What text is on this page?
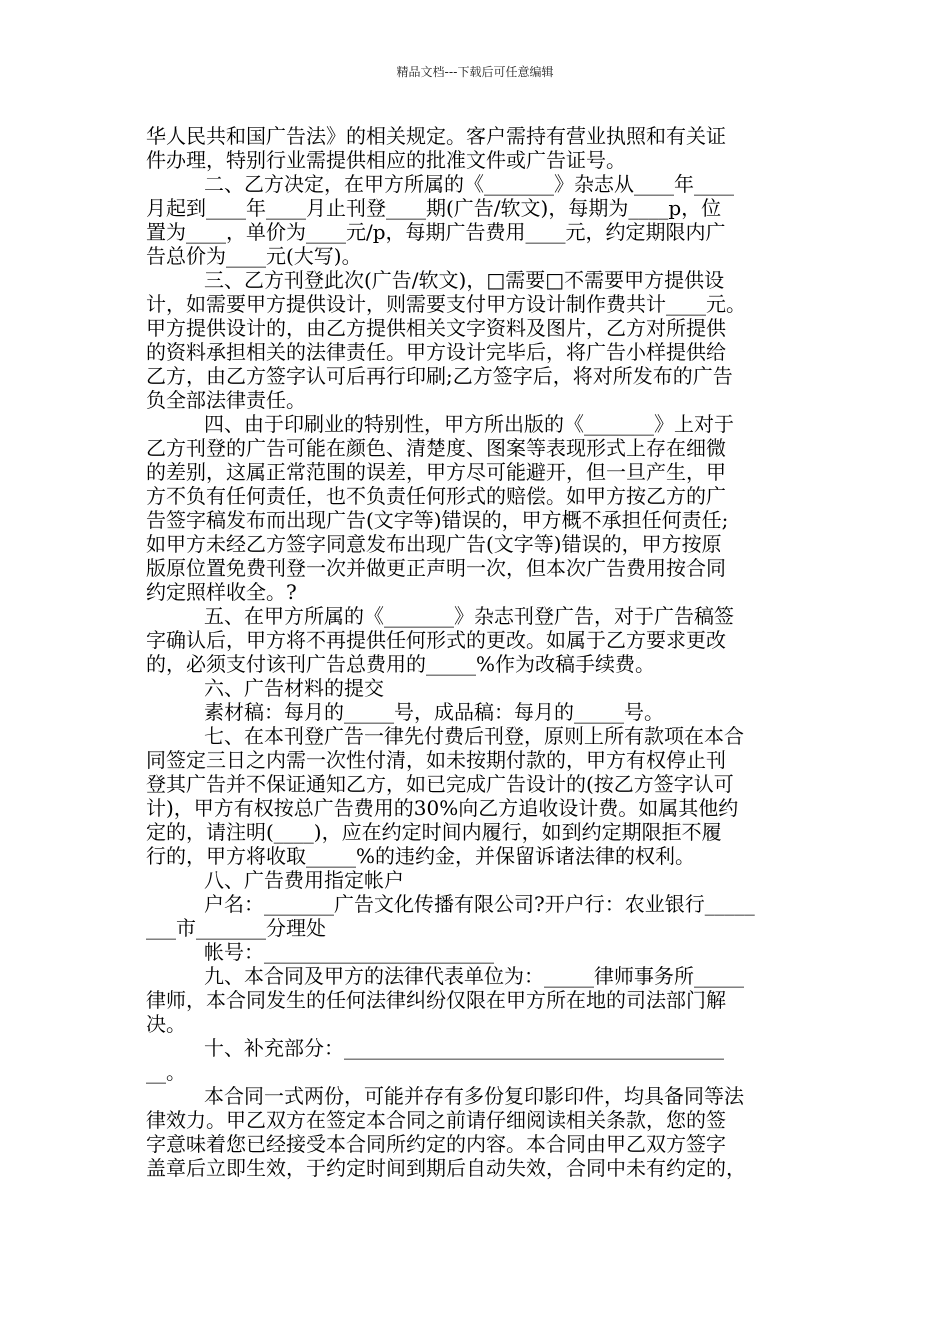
精品文档---下载后可任意编辑
华人民共和国广告法》的相关规定。客户需持有营业执照和有关证
件办理，特别行业需提供相应的批准文件或广告证号。
二、乙方决定，在甲方所属的《_______》杂志从____年____
月起到____年____月止刊登____期(广告/软文)，每期为____p，位
置为____，单价为____元/p，每期广告费用____元，约定期限内广
告总价为____元(大写)。
三、乙方刊登此次(广告/软文)，□需要□不需要甲方提供设
计，如需要甲方提供设计，则需要支付甲方设计制作费共计____元。
甲方提供设计的，由乙方提供相关文字资料及图片，乙方对所提供
的资料承担相关的法律责任。甲方设计完毕后，将广告小样提供给
乙方，由乙方签字认可后再行印刷;乙方签字后，将对所发布的广告
负全部法律责任。
四、由于印刷业的特别性，甲方所出版的《_______》上对于
乙方刊登的广告可能在颜色、清楚度、图案等表现形式上存在细微
的差别，这属正常范围的误差，甲方尽可能避开，但一旦产生，甲
方不负有任何责任，也不负责任何形式的赔偿。如甲方按乙方的广
告签字稿发布而出现广告(文字等)错误的，甲方概不承担任何责任;
如甲方未经乙方签字同意发布出现广告(文字等)错误的，甲方按原
版原位置免费刊登一次并做更正声明一次，但本次广告费用按合同
约定照样收全。?
五、在甲方所属的《_______》杂志刊登广告，对于广告稿签
字确认后，甲方将不再提供任何形式的更改。如属于乙方要求更改
的，必须支付该刊广告总费用的_____%作为改稿手续费。
六、广告材料的提交
素材稿：每月的_____号，成品稿：每月的_____号。
七、在本刊登广告一律先付费后刊登，原则上所有款项在本合
同签定三日之内需一次性付清，如未按期付款的，甲方有权停止刊
登其广告并不保证通知乙方，如已完成广告设计的(按乙方签字认可
计)，甲方有权按总广告费用的30%向乙方追收设计费。如属其他约
定的，请注明(____)，应在约定时间内履行，如到约定期限拒不履
行的，甲方将收取_____%的违约金，并保留诉诸法律的权利。
八、广告费用指定帐户
户名：_______广告文化传播有限公司?开户行：农业银行_____
___市_______分理处
帐号：_______________________
九、本合同及甲方的法律代表单位为：_____律师事务所_____
律师，本合同发生的任何法律纠纷仅限在甲方所在地的司法部门解
决。
十、补充部分：______________________________________
__。
本合同一式两份，可能并存有多份复印影印件，均具备同等法
律效力。甲乙双方在签定本合同之前请仔细阅读相关条款，您的签
字意味着您已经接受本合同所约定的内容。本合同由甲乙双方签字
盖章后立即生效，于约定时间到期后自动失效，合同中未有约定的，
